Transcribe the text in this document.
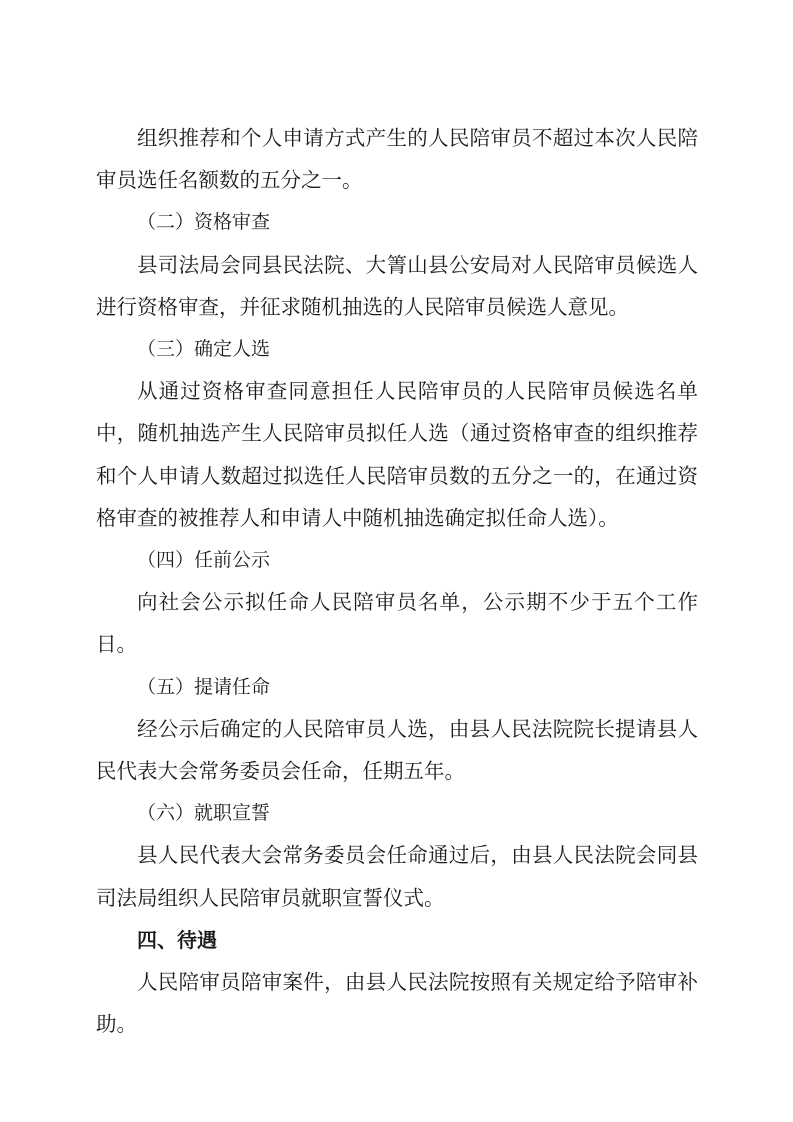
组织推荐和个人申请方式产生的人民陪审员不超过本次人民陪审员选任名额数的五分之一。

（二）资格审查

县司法局会同县民法院、大箐山县公安局对人民陪审员候选人进行资格审查，并征求随机抽选的人民陪审员候选人意见。

（三）确定人选

从通过资格审查同意担任人民陪审员的人民陪审员候选名单中，随机抽选产生人民陪审员拟任人选（通过资格审查的组织推荐和个人申请人数超过拟选任人民陪审员数的五分之一的，在通过资格审查的被推荐人和申请人中随机抽选确定拟任命人选）。

（四）任前公示

向社会公示拟任命人民陪审员名单，公示期不少于五个工作日。

（五）提请任命

经公示后确定的人民陪审员人选，由县人民法院院长提请县人民代表大会常务委员会任命，任期五年。

（六）就职宣誓

县人民代表大会常务委员会任命通过后，由县人民法院会同县司法局组织人民陪审员就职宣誓仪式。

四、待遇

人民陪审员陪审案件，由县人民法院按照有关规定给予陪审补助。
